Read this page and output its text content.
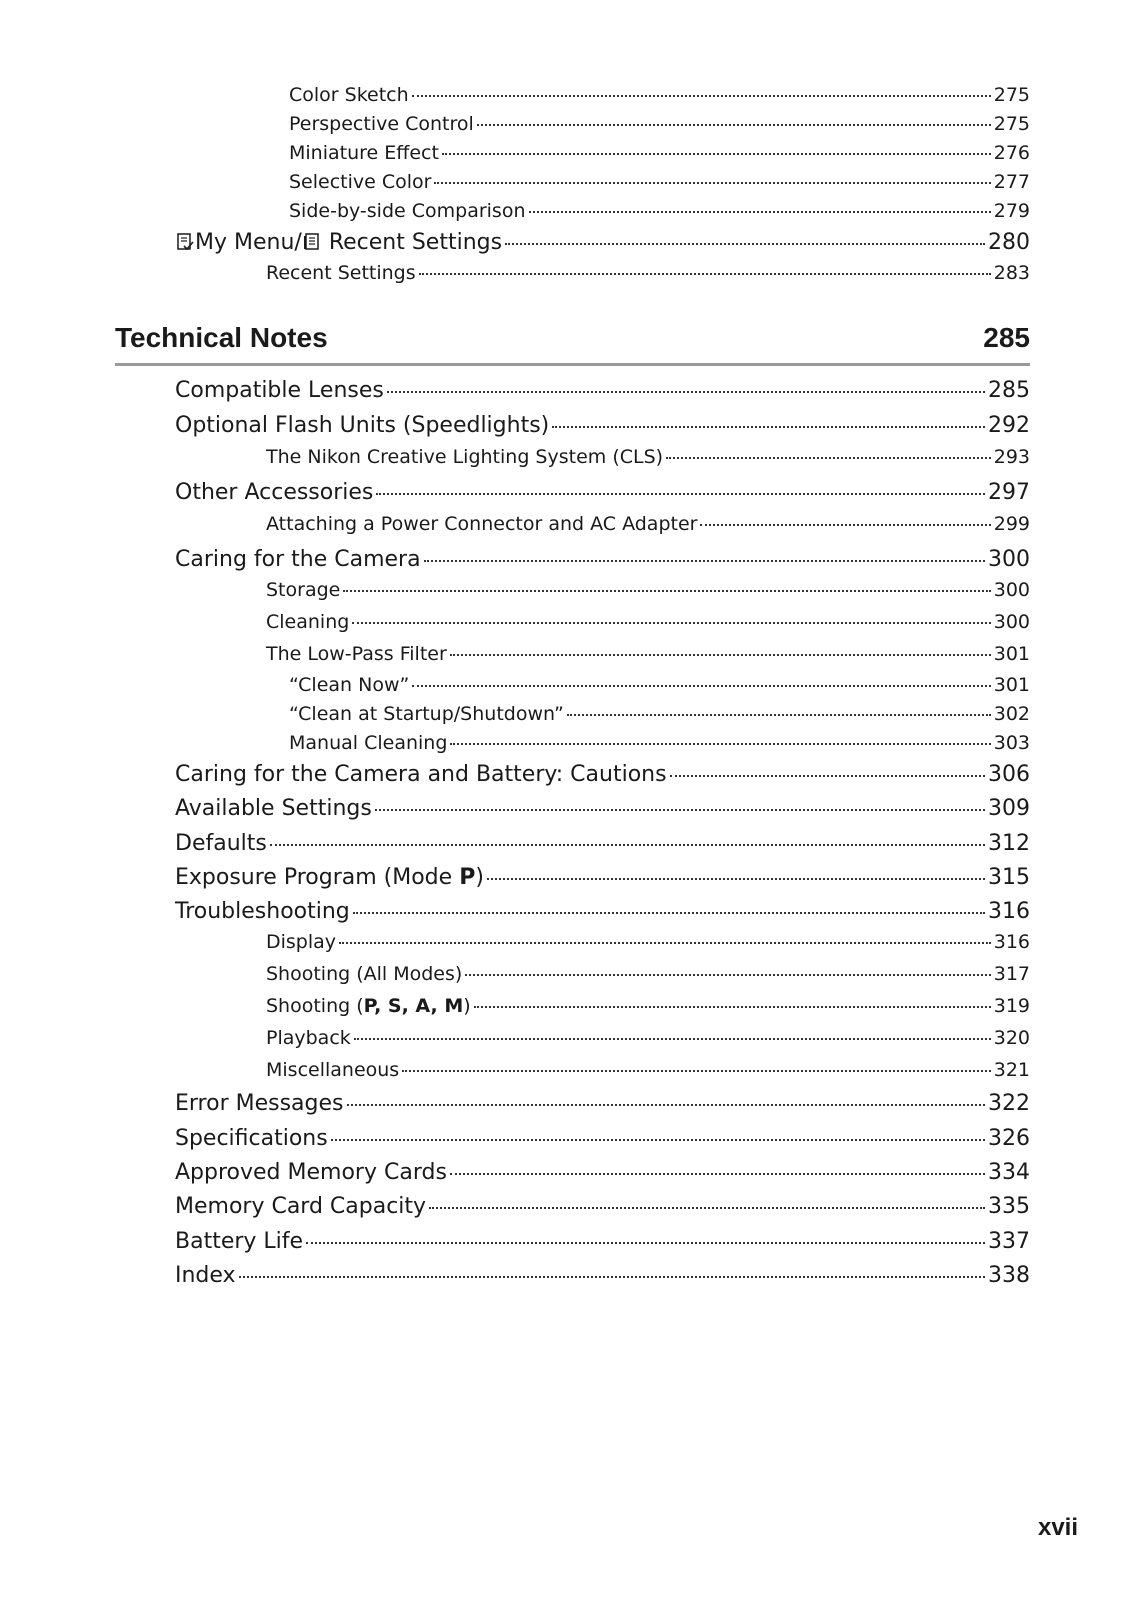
Color Sketch	275
Perspective Control	275
Miniature Effect	276
Selective Color	277
Side-by-side Comparison	279
My Menu/ Recent Settings	280
Recent Settings	283
Technical Notes	285
Compatible Lenses	285
Optional Flash Units (Speedlights)	292
The Nikon Creative Lighting System (CLS)	293
Other Accessories	297
Attaching a Power Connector and AC Adapter	299
Caring for the Camera	300
Storage	300
Cleaning	300
The Low-Pass Filter	301
“Clean Now”	301
“Clean at Startup/Shutdown”	302
Manual Cleaning	303
Caring for the Camera and Battery: Cautions	306
Available Settings	309
Defaults	312
Exposure Program (Mode P)	315
Troubleshooting	316
Display	316
Shooting (All Modes)	317
Shooting (P, S, A, M)	319
Playback	320
Miscellaneous	321
Error Messages	322
Specifications	326
Approved Memory Cards	334
Memory Card Capacity	335
Battery Life	337
Index	338
xvii
